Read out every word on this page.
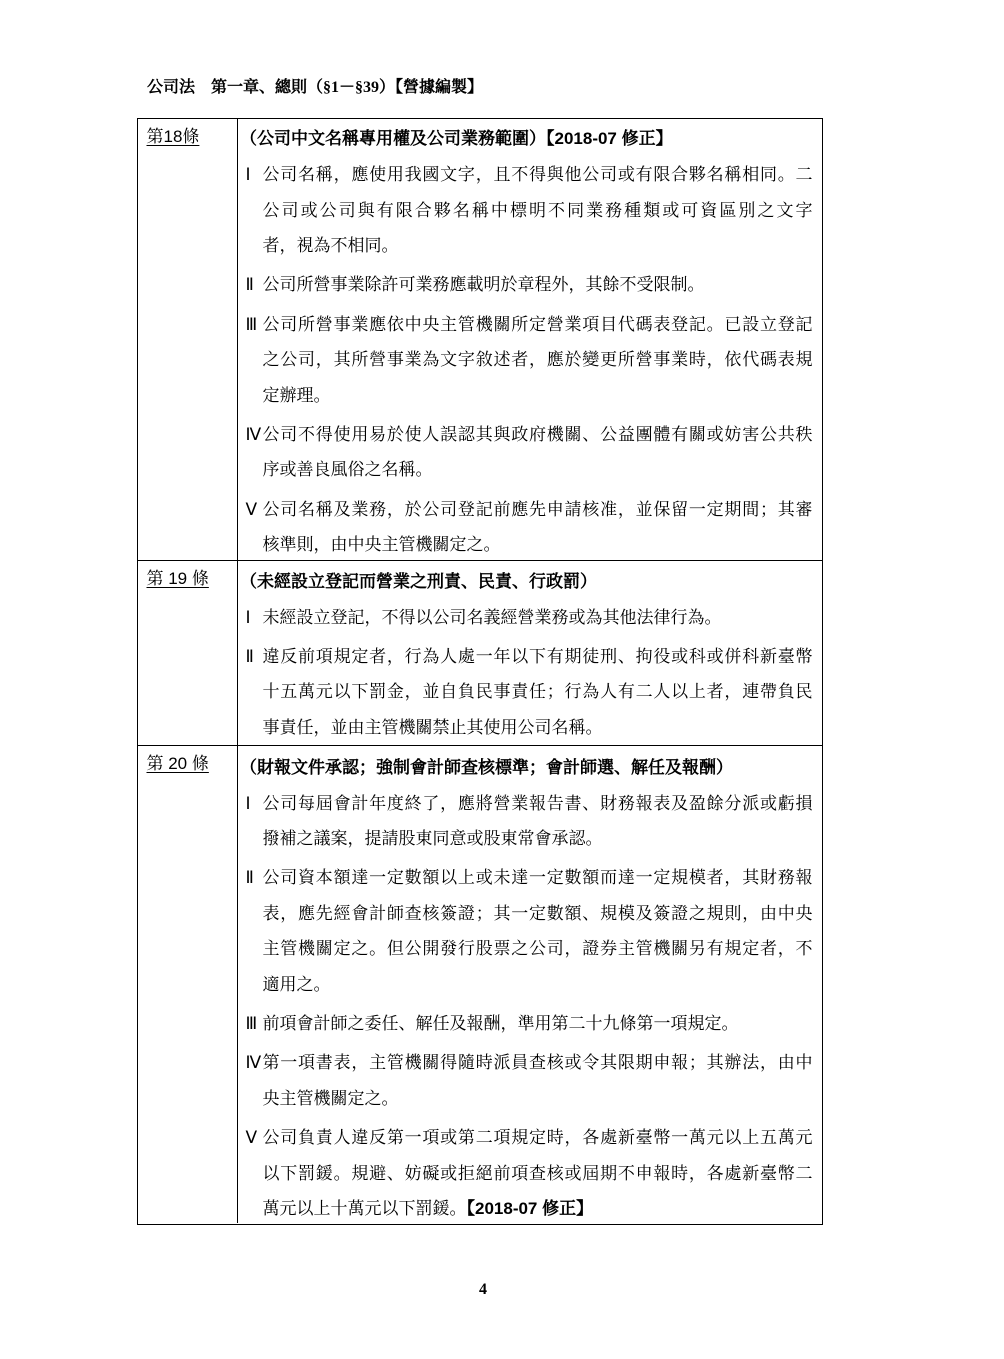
公司法　第一章、總則（§1－§39）【營據編製】
第18條	（公司中文名稱專用權及公司業務範圍）【2018-07 修正】
Ⅰ 公司名稱，應使用我國文字，且不得與他公司或有限合夥名稱相同。二
公司或公司與有限合夥名稱中標明不同業務種類或可資區別之文字
者，視為不相同。
Ⅱ 公司所營事業除許可業務應載明於章程外，其餘不受限制。
Ⅲ 公司所營事業應依中央主管機關所定營業項目代碼表登記。已設立登記
之公司，其所營事業為文字敘述者，應於變更所營事業時，依代碼表規
定辦理。
Ⅳ 公司不得使用易於使人誤認其與政府機關、公益團體有關或妨害公共秩
序或善良風俗之名稱。
Ⅴ 公司名稱及業務，於公司登記前應先申請核准，並保留一定期間；其審
核準則，由中央主管機關定之。
第 19 條	（未經設立登記而營業之刑責、民責、行政罰）
Ⅰ 未經設立登記，不得以公司名義經營業務或為其他法律行為。
Ⅱ 違反前項規定者，行為人處一年以下有期徒刑、拘役或科或併科新臺幣
十五萬元以下罰金，並自負民事責任；行為人有二人以上者，連帶負民
事責任，並由主管機關禁止其使用公司名稱。
第 20 條	（財報文件承認；強制會計師查核標準；會計師選、解任及報酬）
Ⅰ 公司每屆會計年度終了，應將營業報告書、財務報表及盈餘分派或虧損
撥補之議案，提請股東同意或股東常會承認。
Ⅱ 公司資本額達一定數額以上或未達一定數額而達一定規模者，其財務報
表，應先經會計師查核簽證；其一定數額、規模及簽證之規則，由中央
主管機關定之。但公開發行股票之公司，證券主管機關另有規定者，不
適用之。
Ⅲ 前項會計師之委任、解任及報酬，準用第二十九條第一項規定。
Ⅳ 第一項書表，主管機關得隨時派員查核或令其限期申報；其辦法，由中
央主管機關定之。
Ⅴ 公司負責人違反第一項或第二項規定時，各處新臺幣一萬元以上五萬元
以下罰鍰。規避、妨礙或拒絕前項查核或屆期不申報時，各處新臺幣二
萬元以上十萬元以下罰鍰。【2018-07 修正】
4
